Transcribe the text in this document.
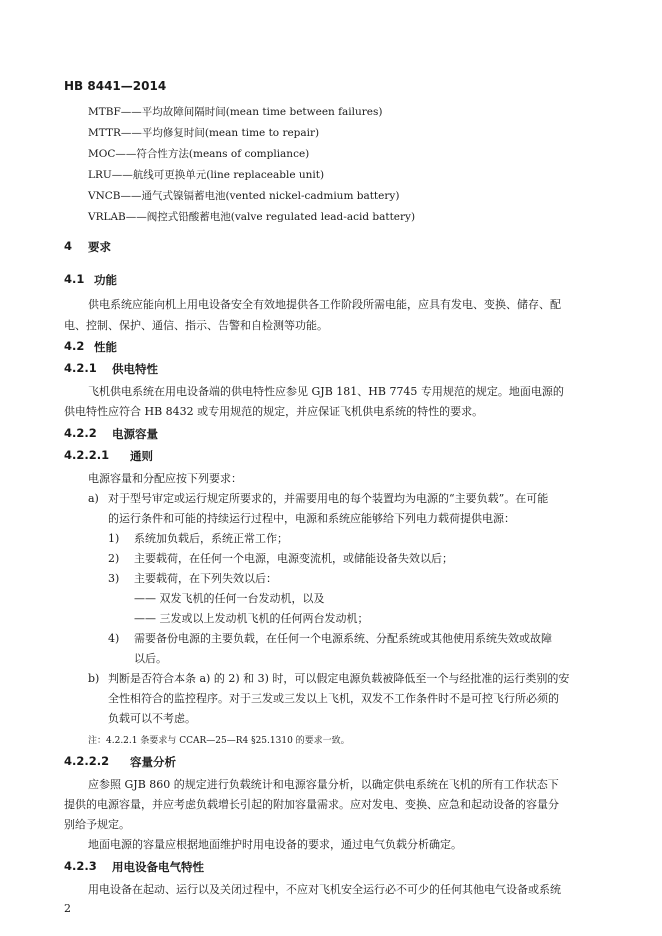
HB 8441—2014
MTBF——平均故障间隔时间(mean time between failures)
MTTR——平均修复时间(mean time to repair)
MOC——符合性方法(means of compliance)
LRU——航线可更换单元(line replaceable unit)
VNCB——通气式镍镉蓄电池(vented nickel-cadmium battery)
VRLAB——阀控式铅酸蓄电池(valve regulated lead-acid battery)
4 要求
4.1 功能
供电系统应能向机上用电设备安全有效地提供各工作阶段所需电能，应具有发电、变换、储存、配
电、控制、保护、通信、指示、告警和自检测等功能。
4.2 性能
4.2.1 供电特性
飞机供电系统在用电设备端的供电特性应参见 GJB 181、HB 7745 专用规范的规定。地面电源的
供电特性应符合 HB 8432 或专用规范的规定，并应保证飞机供电系统的特性的要求。
4.2.2 电源容量
4.2.2.1 通则
电源容量和分配应按下列要求：
a) 对于型号审定或运行规定所要求的，并需要用电的每个装置均为电源的“主要负载”。在可能
的运行条件和可能的持续运行过程中，电源和系统应能够给下列电力载荷提供电源：
1) 系统加负载后，系统正常工作；
2) 主要载荷，在任何一个电源，电源变流机，或储能设备失效以后；
3) 主要载荷，在下列失效以后：
—— 双发飞机的任何一台发动机，以及
—— 三发或以上发动机飞机的任何两台发动机；
4) 需要备份电源的主要负载，在任何一个电源系统、分配系统或其他使用系统失效或故障
以后。
b) 判断是否符合本条 a) 的 2) 和 3) 时，可以假定电源负载被降低至一个与经批准的运行类别的安
全性相符合的监控程序。对于三发或三发以上飞机，双发不工作条件时不是可控飞行所必须的
负载可以不考虑。
注：4.2.2.1 条要求与 CCAR—25—R4 §25.1310 的要求一致。
4.2.2.2 容量分析
应参照 GJB 860 的规定进行负载统计和电源容量分析，以确定供电系统在飞机的所有工作状态下
提供的电源容量，并应考虑负载增长引起的附加容量需求。应对发电、变换、应急和起动设备的容量分
别给予规定。
地面电源的容量应根据地面维护时用电设备的要求，通过电气负载分析确定。
4.2.3 用电设备电气特性
用电设备在起动、运行以及关闭过程中，不应对飞机安全运行必不可少的任何其他电气设备或系统
2
